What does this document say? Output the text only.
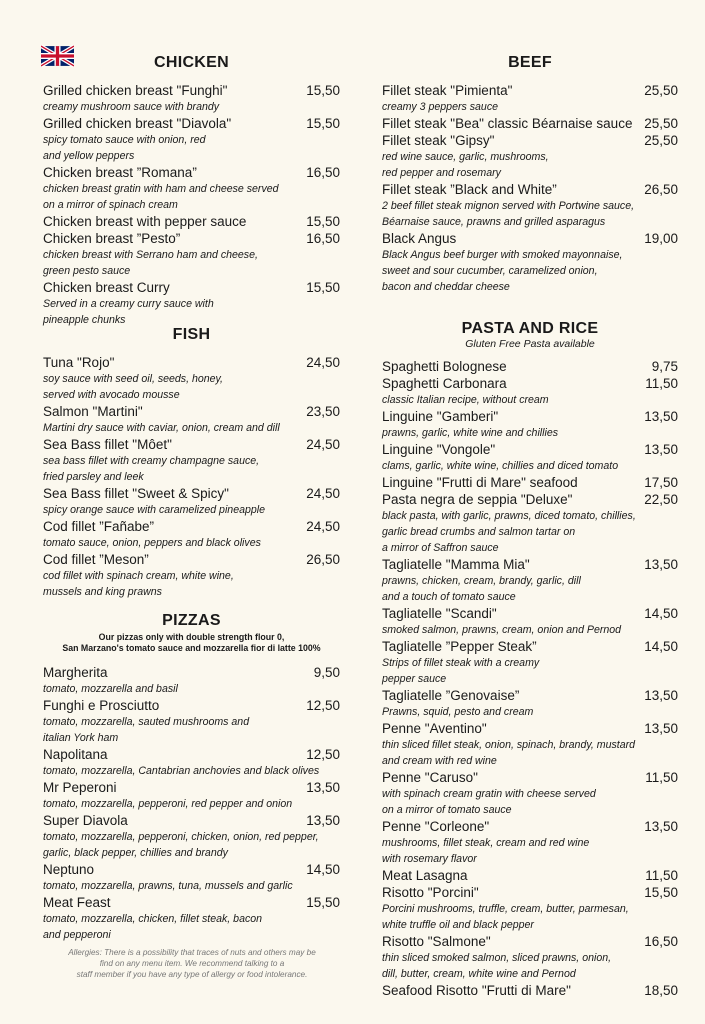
CHICKEN
Grilled chicken breast "Funghi"	15,50
creamy mushroom sauce with brandy
Grilled chicken breast "Diavola"	15,50
spicy tomato sauce with onion, red
and yellow peppers
Chicken breast ”Romana”	16,50
chicken breast gratin with ham and cheese served
on a mirror of spinach cream
Chicken breast with pepper sauce	15,50
Chicken breast ”Pesto”	16,50
chicken breast with Serrano ham and cheese,
green pesto sauce
Chicken breast Curry	15,50
Served in a creamy curry sauce with
pineapple chunks
FISH
Tuna "Rojo"	24,50
soy sauce with seed oil, seeds, honey,
served with avocado mousse
Salmon "Martini"	23,50
Martini dry sauce with caviar, onion, cream and dill
Sea Bass fillet "Môet"	24,50
sea bass fillet with creamy champagne sauce,
fried parsley and leek
Sea Bass fillet "Sweet & Spicy"	24,50
spicy orange sauce with caramelized pineapple
Cod fillet ”Fañabe”	24,50
tomato sauce, onion, peppers and black olives
Cod fillet ”Meson”	26,50
cod fillet with spinach cream, white wine,
mussels and king prawns
PIZZAS
Our pizzas only with double strength flour 0,
San Marzano's tomato sauce and mozzarella fior di latte 100%
Margherita	9,50
tomato, mozzarella and basil
Funghi e Prosciutto	12,50
tomato, mozzarella, sauted mushrooms and
italian York ham
Napolitana	12,50
tomato, mozzarella, Cantabrian anchovies and black olives
Mr Peperoni	13,50
tomato, mozzarella, pepperoni, red pepper and onion
Super Diavola	13,50
tomato, mozzarella, pepperoni, chicken, onion, red pepper,
garlic, black pepper, chillies and brandy
Neptuno	14,50
tomato, mozzarella, prawns, tuna, mussels and garlic
Meat Feast	15,50
tomato, mozzarella, chicken, fillet steak, bacon
and pepperoni
Allergies: There is a possibility that traces of nuts and others may be
find on any menu item. We recommend talking to a
staff member if you have any type of allergy or food intolerance.
BEEF
Fillet steak "Pimienta"	25,50
creamy 3 peppers sauce
Fillet steak "Bea" classic Béarnaise sauce 25,50
Fillet steak "Gipsy"	25,50
red wine sauce, garlic, mushrooms,
red pepper and rosemary
Fillet steak ”Black and White”	26,50
2 beef fillet steak mignon served with Portwine sauce,
Béarnaise sauce, prawns and grilled asparagus
Black Angus	19,00
Black Angus beef burger with smoked mayonnaise,
sweet and sour cucumber, caramelized onion,
bacon and cheddar cheese
PASTA AND RICE
Gluten Free Pasta available
Spaghetti Bolognese	9,75
Spaghetti Carbonara	11,50
classic Italian recipe, without cream
Linguine "Gamberi"	13,50
prawns, garlic, white wine and chillies
Linguine "Vongole"	13,50
clams, garlic, white wine, chillies and diced tomato
Linguine "Frutti di Mare" seafood	17,50
Pasta negra de seppia "Deluxe"	22,50
black pasta, with garlic, prawns, diced tomato, chillies,
garlic bread crumbs and salmon tartar on
a mirror of Saffron sauce
Tagliatelle "Mamma Mia"	13,50
prawns, chicken, cream, brandy, garlic, dill
and a touch of tomato sauce
Tagliatelle "Scandi"	14,50
smoked salmon, prawns, cream, onion and Pernod
Tagliatelle ”Pepper Steak”	14,50
Strips of fillet steak with a creamy
pepper sauce
Tagliatelle ”Genovaise”	13,50
Prawns, squid, pesto and cream
Penne "Aventino"	13,50
thin sliced fillet steak, onion, spinach, brandy, mustard
and cream with red wine
Penne "Caruso"	11,50
with spinach cream gratin with cheese served
on a mirror of tomato sauce
Penne "Corleone"	13,50
mushrooms, fillet steak, cream and red wine
with rosemary flavor
Meat Lasagna	11,50
Risotto "Porcini"	15,50
Porcini mushrooms, truffle, cream, butter, parmesan,
white truffle oil and black pepper
Risotto "Salmone"	16,50
thin sliced smoked salmon, sliced prawns, onion,
dill, butter, cream, white wine and Pernod
Seafood Risotto "Frutti di Mare"	18,50
